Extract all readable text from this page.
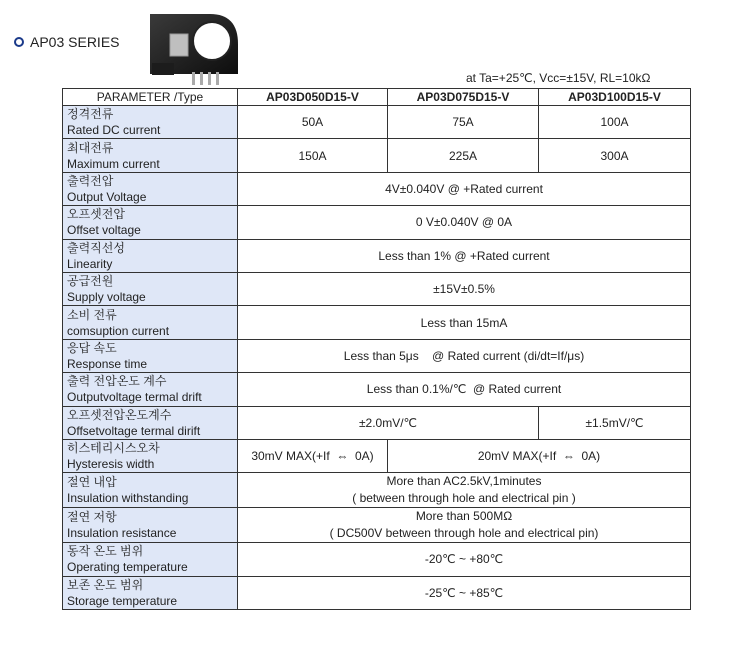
AP03 SERIES
at Ta=+25℃, Vcc=±15V, RL=10kΩ
PARAMETER /Type	AP03D050D15-V	AP03D075D15-V	AP03D100D15-V

정격전류
Rated DC current	50A	75A	100A

최대전류
Maximum current	150A	225A	300A

출력전압
Output Voltage	4V±0.040V @ +Rated current		

오프셋전압
Offset voltage	0 V±0.040V @ 0A		

출력직선성
Linearity	Less than 1% @ +Rated current		

공급전원
Supply voltage	±15V±0.5%		

소비 전류
comsuption current	Less than 15mA		

응답 속도
Response time	Less than 5μs    @ Rated current (di/dt=If/μs)		

출력 전압온도 계수
Outputvoltage termal drift	Less than 0.1%/℃  @ Rated current		

오프셋전압온도계수
Offsetvoltage termal dirift	±2.0mV/℃		±1.5mV/℃

히스테리시스오차
Hysteresis width	30mV MAX(+If  ⇔  0A)	20mV MAX(+If  ⇔  0A)	

절연 내압
Insulation withstanding	More than AC2.5kV,1minutes
( between through hole and electrical pin )		

절연 저항
Insulation resistance	More than 500MΩ
( DC500V between through hole and electrical pin)		

동작 온도 범위
Operating temperature	-20℃ ~ +80℃		

보존 온도 범위
Storage temperature	-25℃ ~ +85℃		
